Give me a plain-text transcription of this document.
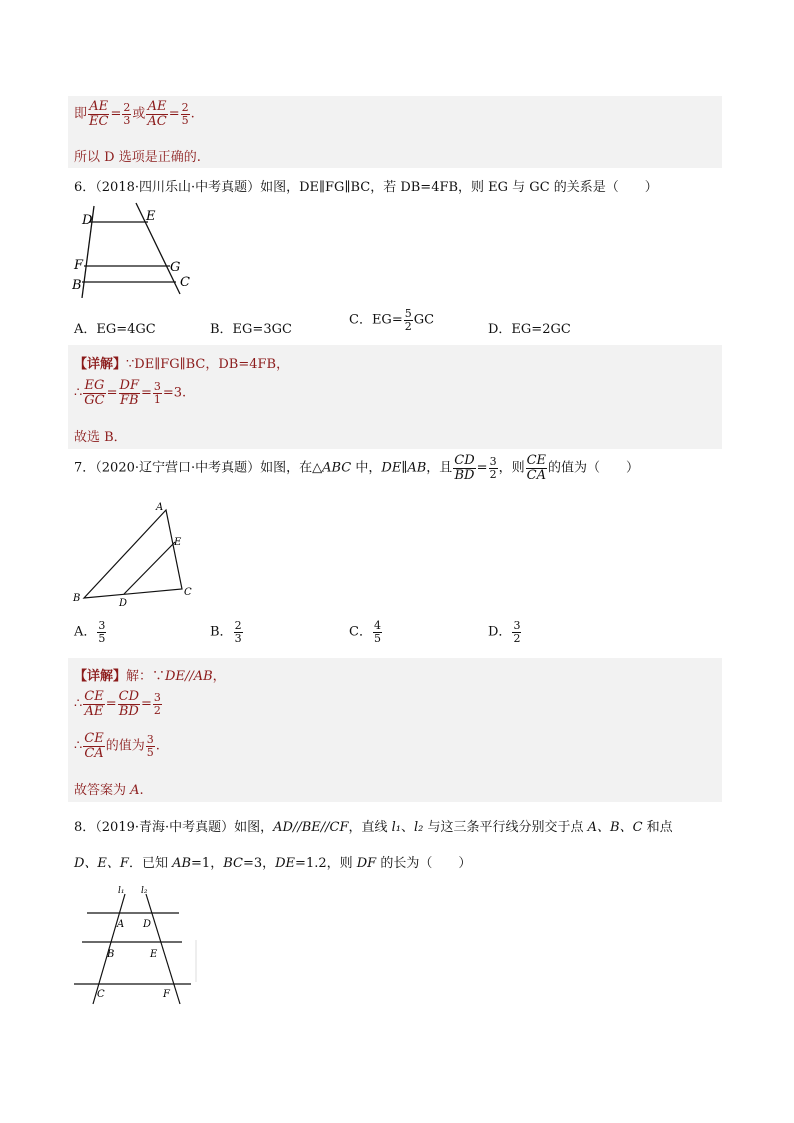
即 $\frac{AE}{EC} = \frac{2}{3}$ 或 $\frac{AE}{AC} = \frac{2}{5}$ .
所以 D 选项是正确的.
6．（2018·四川乐山·中考真题）如图，DE∥FG∥BC，若 DB=4FB，则 EG 与 GC 的关系是（　　）
D	E
F	G
B	C
A．EG=4GC	B．EG=3GC
C．$EG= \frac{5}{2}$ GC
D．EG=2GC
【详解】∵DE∥FG∥BC，DB=4FB，
∴ $\frac{EG}{GC} = \frac{DF}{FB} = \frac{3}{1} =3$.
故选 B．
7．（2020·辽宁营口·中考真题）如图，在△ABC 中，DE∥AB，且 $\frac{CD}{BD} = \frac{3}{2}$ ，则 $\frac{CE}{CA}$ 的值为（　　）
A
E
B	D
C
A． $\frac{3}{5}$	B． $\frac{2}{3}$	C． $\frac{4}{5}$	D． $\frac{3}{2}$
【详解】解：∵DE//AB，
∴ $\frac{CE}{AE} = \frac{CD}{BD} = \frac{3}{2}$
∴ $\frac{CE}{CA}$ 的值为 $\frac{3}{5}$ .
故答案为 A.
8．（2019·青海·中考真题）如图，AD//BE//CF，直线 l₁、l₂ 与这三条平行线分别交于点 A、B、C 和点
D、E、F．已知 AB=1，BC=3，DE=1.2，则 DF 的长为（　　）
l₁ l₂
A D
B	E
C	F
